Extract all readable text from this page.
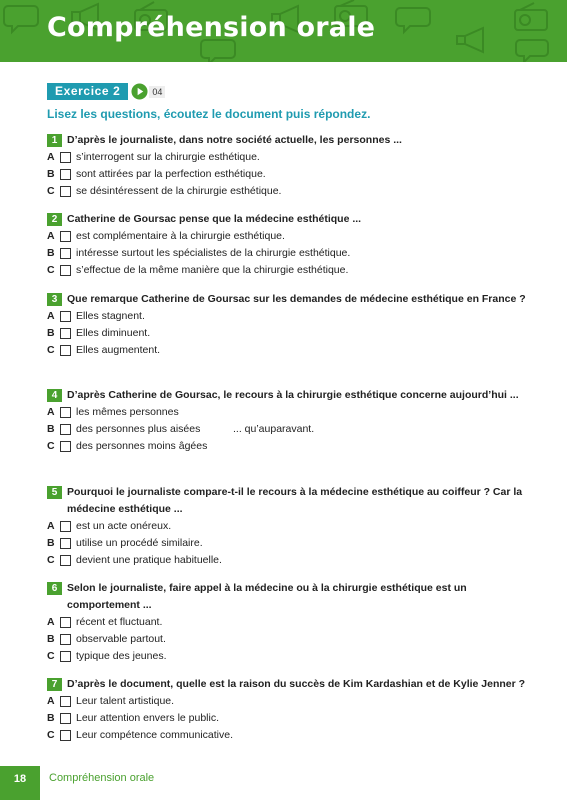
Compréhension orale
Exercice 2	04
Lisez les questions, écoutez le document puis répondez.
1 D’après le journaliste, dans notre société actuelle, les personnes ...
A	s’interrogent sur la chirurgie esthétique.
B	sont attirées par la perfection esthétique.
C	se désintéressent de la chirurgie esthétique.
2 Catherine de Goursac pense que la médecine esthétique ...
A	est complémentaire à la chirurgie esthétique.
B	intéresse surtout les spécialistes de la chirurgie esthétique.
C	s’effectue de la même manière que la chirurgie esthétique.
3 Que remarque Catherine de Goursac sur les demandes de médecine esthétique en France ?
A	Elles stagnent.
B	Elles diminuent.
C	Elles augmentent.
4 D’après Catherine de Goursac, le recours à la chirurgie esthétique concerne aujourd’hui ...
A	les mêmes personnes
B	des personnes plus aisées	... qu’auparavant.
C	des personnes moins âgées
5 Pourquoi le journaliste compare-t-il le recours à la médecine esthétique au coiffeur ? Car la médecine esthétique ...
A	est un acte onéreux.
B	utilise un procédé similaire.
C	devient une pratique habituelle.
6 Selon le journaliste, faire appel à la médecine ou à la chirurgie esthétique est un comportement ...
A	récent et fluctuant.
B	observable partout.
C	typique des jeunes.
7 D’après le document, quelle est la raison du succès de Kim Kardashian et de Kylie Jenner ?
A	Leur talent artistique.
B	Leur attention envers le public.
C	Leur compétence communicative.
18	Compréhension orale
